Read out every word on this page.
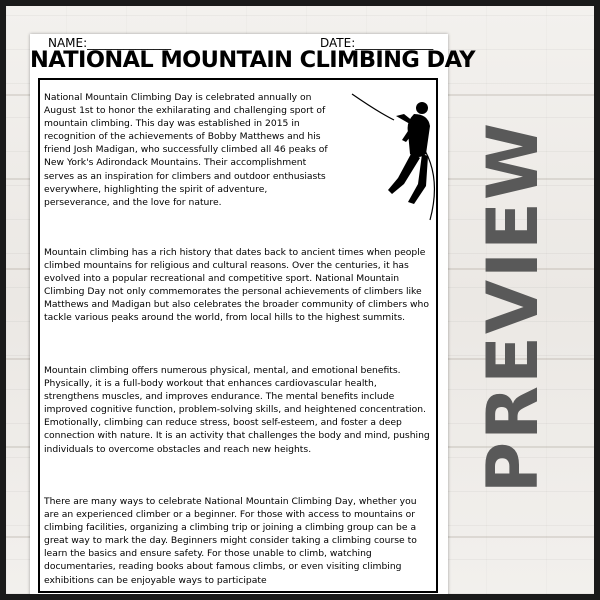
NAME:______________	DATE:_____________
NATIONAL MOUNTAIN CLIMBING DAY

National Mountain Climbing Day is celebrated annually on August 1st to honor the exhilarating and challenging sport of mountain climbing. This day was established in 2015 in recognition of the achievements of Bobby Matthews and his friend Josh Madigan, who successfully climbed all 46 peaks of New York's Adirondack Mountains. Their accomplishment serves as an inspiration for climbers and outdoor enthusiasts everywhere, highlighting the spirit of adventure, perseverance, and the love for nature.

Mountain climbing has a rich history that dates back to ancient times when people climbed mountains for religious and cultural reasons. Over the centuries, it has evolved into a popular recreational and competitive sport. National Mountain Climbing Day not only commemorates the personal achievements of climbers like Matthews and Madigan but also celebrates the broader community of climbers who tackle various peaks around the world, from local hills to the highest summits.

Mountain climbing offers numerous physical, mental, and emotional benefits. Physically, it is a full-body workout that enhances cardiovascular health, strengthens muscles, and improves endurance. The mental benefits include improved cognitive function, problem-solving skills, and heightened concentration. Emotionally, climbing can reduce stress, boost self-esteem, and foster a deep connection with nature. It is an activity that challenges the body and mind, pushing individuals to overcome obstacles and reach new heights.

There are many ways to celebrate National Mountain Climbing Day, whether you are an experienced climber or a beginner. For those with access to mountains or climbing facilities, organizing a climbing trip or joining a climbing group can be a great way to mark the day. Beginners might consider taking a climbing course to learn the basics and ensure safety. For those unable to climb, watching documentaries, reading books about famous climbs, or even visiting climbing exhibitions can be enjoyable ways to participate

PREVIEW
